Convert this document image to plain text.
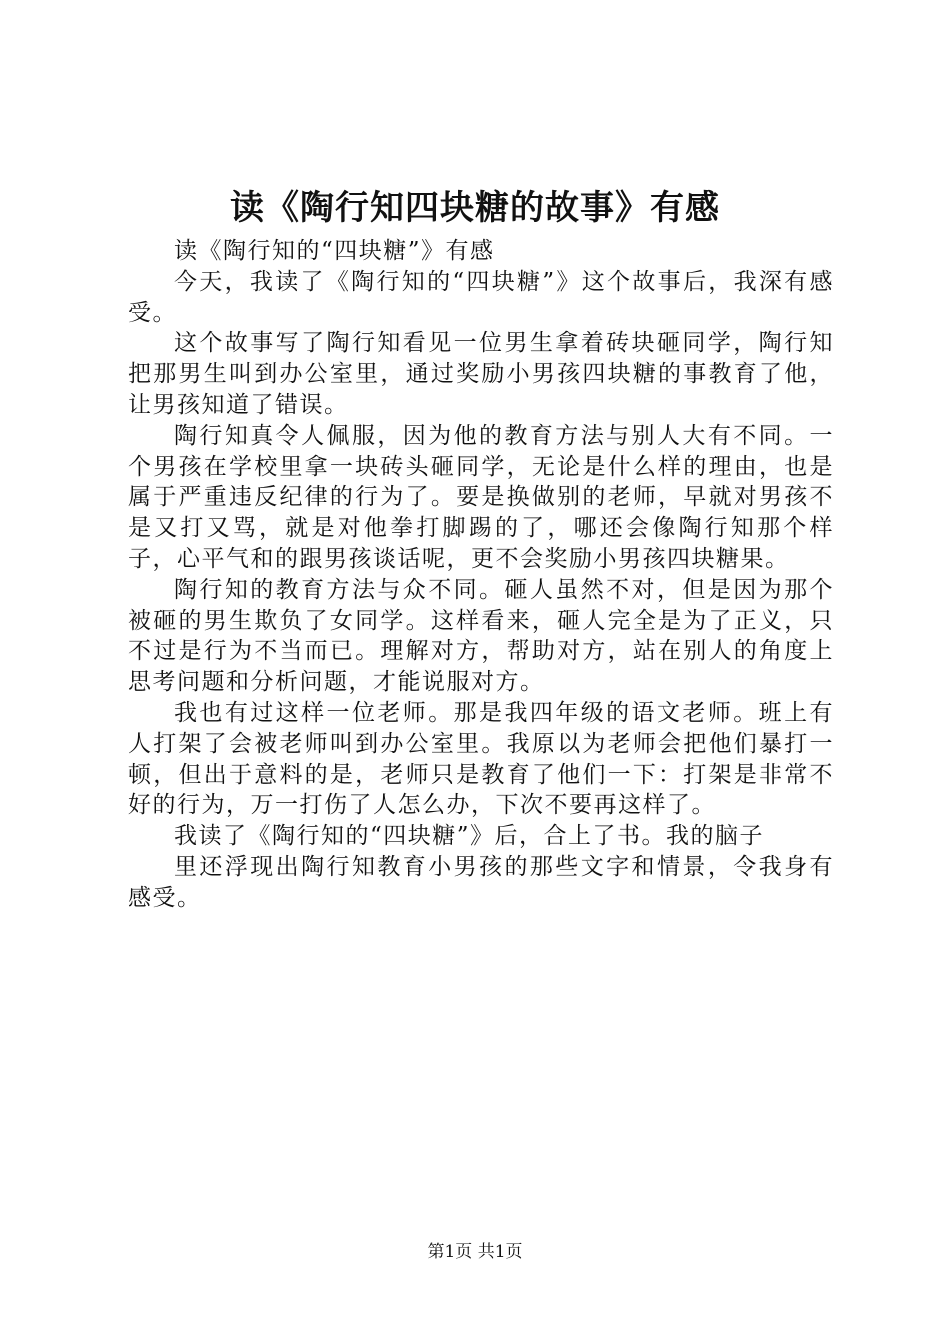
读《陶行知四块糖的故事》有感

读《陶行知的“四块糖”》有感

今天，我读了《陶行知的“四块糖”》这个故事后，我深有感受。

这个故事写了陶行知看见一位男生拿着砖块砸同学，陶行知把那男生叫到办公室里，通过奖励小男孩四块糖的事教育了他，让男孩知道了错误。

陶行知真令人佩服，因为他的教育方法与别人大有不同。一个男孩在学校里拿一块砖头砸同学，无论是什么样的理由，也是属于严重违反纪律的行为了。要是换做别的老师，早就对男孩不是又打又骂，就是对他拳打脚踢的了，哪还会像陶行知那个样子，心平气和的跟男孩谈话呢，更不会奖励小男孩四块糖果。

陶行知的教育方法与众不同。砸人虽然不对，但是因为那个被砸的男生欺负了女同学。这样看来，砸人完全是为了正义，只不过是行为不当而已。理解对方，帮助对方，站在别人的角度上思考问题和分析问题，才能说服对方。

我也有过这样一位老师。那是我四年级的语文老师。班上有人打架了会被老师叫到办公室里。我原以为老师会把他们暴打一顿，但出于意料的是，老师只是教育了他们一下：打架是非常不好的行为，万一打伤了人怎么办，下次不要再这样了。

我读了《陶行知的“四块糖”》后，合上了书。我的脑子

里还浮现出陶行知教育小男孩的那些文字和情景，令我身有感受。

第1页 共1页
